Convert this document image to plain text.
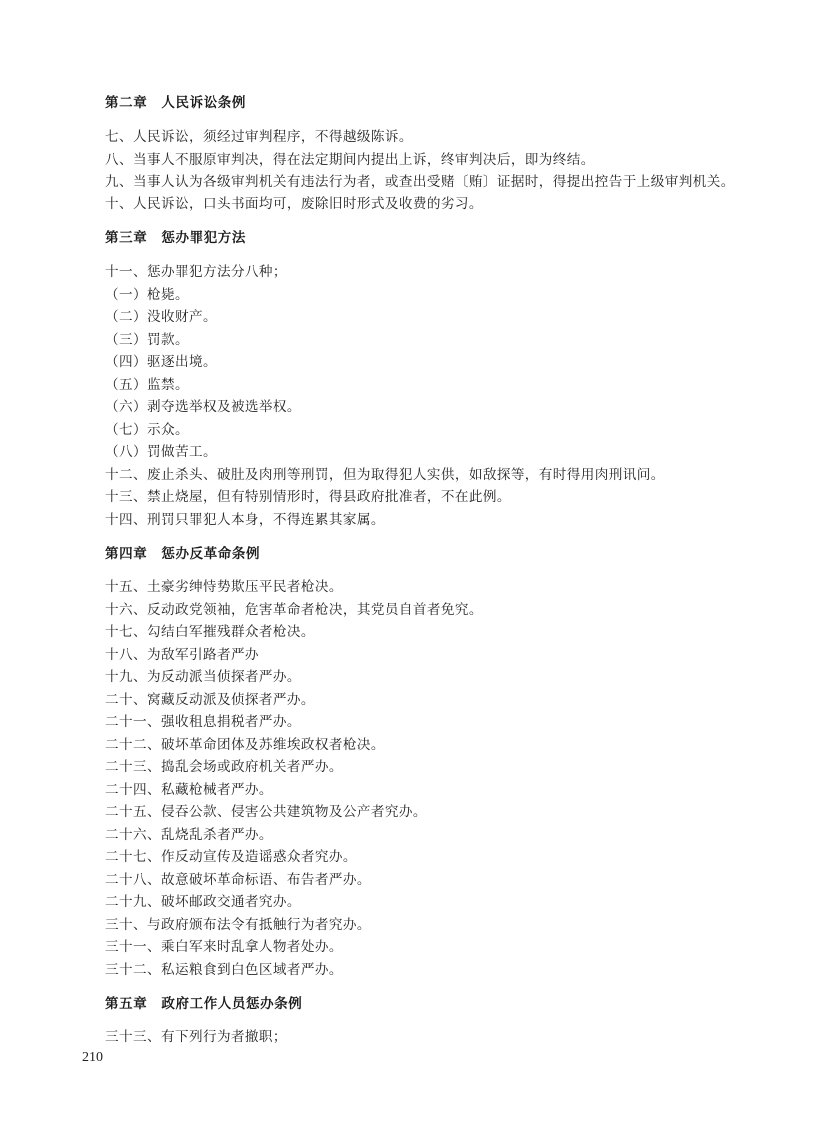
第二章　人民诉讼条例
七、人民诉讼，须经过审判程序，不得越级陈诉。
八、当事人不服原审判决，得在法定期间内提出上诉，终审判决后，即为终结。
九、当事人认为各级审判机关有违法行为者，或查出受赌〔贿〕证据时，得提出控告于上级审判机关。
十、人民诉讼，口头书面均可，废除旧时形式及收费的劣习。
第三章　惩办罪犯方法
十一、惩办罪犯方法分八种；
（一）枪毙。
（二）没收财产。
（三）罚款。
（四）驱逐出境。
（五）监禁。
（六）剥夺选举权及被选举权。
（七）示众。
（八）罚做苦工。
十二、废止杀头、破肚及肉刑等刑罚，但为取得犯人实供，如敌探等，有时得用肉刑讯问。
十三、禁止烧屋，但有特别情形时，得县政府批准者，不在此例。
十四、刑罚只罪犯人本身，不得连累其家属。
第四章　惩办反革命条例
十五、土豪劣绅恃势欺压平民者枪决。
十六、反动政党领袖，危害革命者枪决，其党员自首者免究。
十七、勾结白军摧残群众者枪决。
十八、为敌军引路者严办
十九、为反动派当侦探者严办。
二十、窝藏反动派及侦探者严办。
二十一、强收租息捐税者严办。
二十二、破坏革命团体及苏维埃政权者枪决。
二十三、捣乱会场或政府机关者严办。
二十四、私藏枪械者严办。
二十五、侵吞公款、侵害公共建筑物及公产者究办。
二十六、乱烧乱杀者严办。
二十七、作反动宣传及造谣惑众者究办。
二十八、故意破坏革命标语、布告者严办。
二十九、破坏邮政交通者究办。
三十、与政府颁布法令有抵触行为者究办。
三十一、乘白军来时乱拿人物者处办。
三十二、私运粮食到白色区域者严办。
第五章　政府工作人员惩办条例
三十三、有下列行为者撤职；
210
